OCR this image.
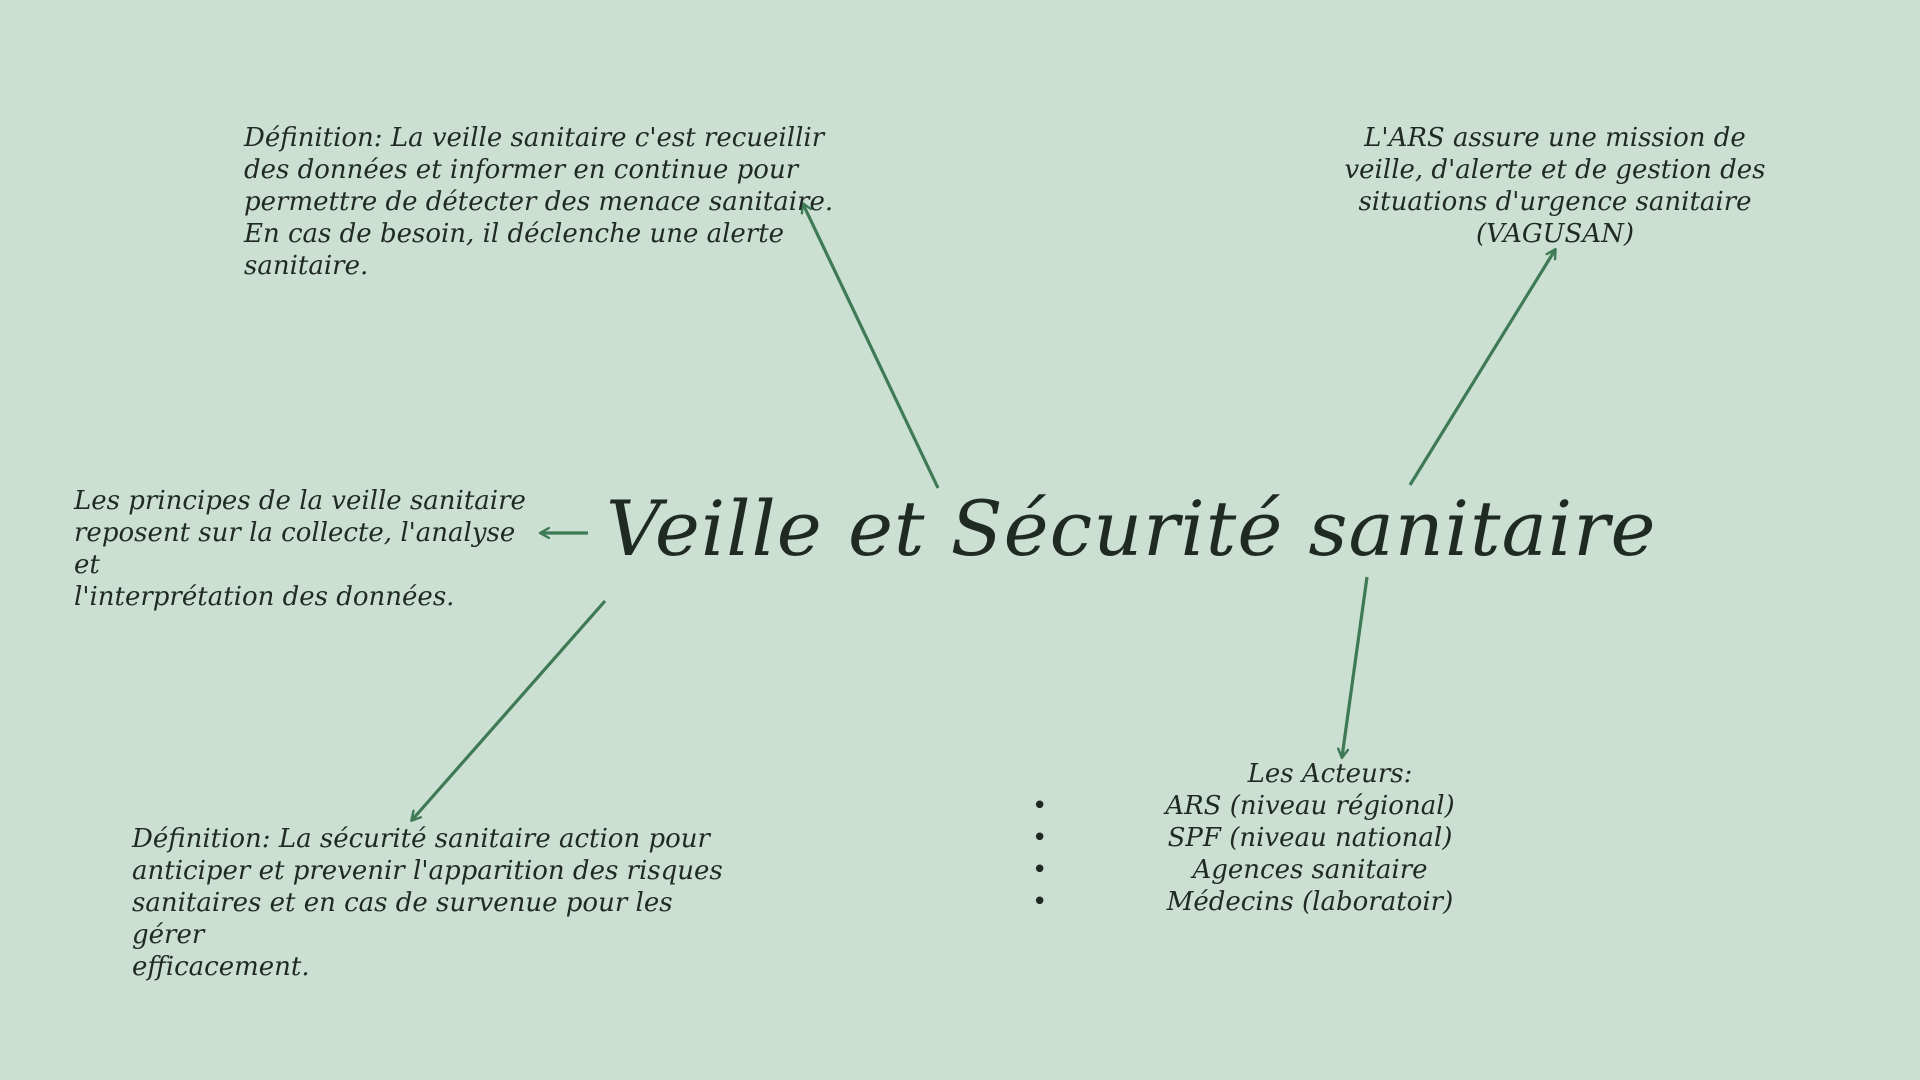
Veille et Sécurité sanitaire
Définition: La veille sanitaire c'est recueillir
des données et informer en continue pour
permettre de détecter des menace sanitaire.
En cas de besoin, il déclenche une alerte
sanitaire.
L'ARS assure une mission de
veille, d'alerte et de gestion des
situations d'urgence sanitaire
(VAGUSAN)
Les principes de la veille sanitaire
reposent sur la collecte, l'analyse et
l'interprétation des données.
Définition: La sécurité sanitaire action pour
anticiper et prevenir l'apparition des risques
sanitaires et en cas de survenue pour les gérer
efficacement.
Les Acteurs:
•	ARS (niveau régional)
•	SPF (niveau national)
•	Agences sanitaire
•	Médecins (laboratoir)
